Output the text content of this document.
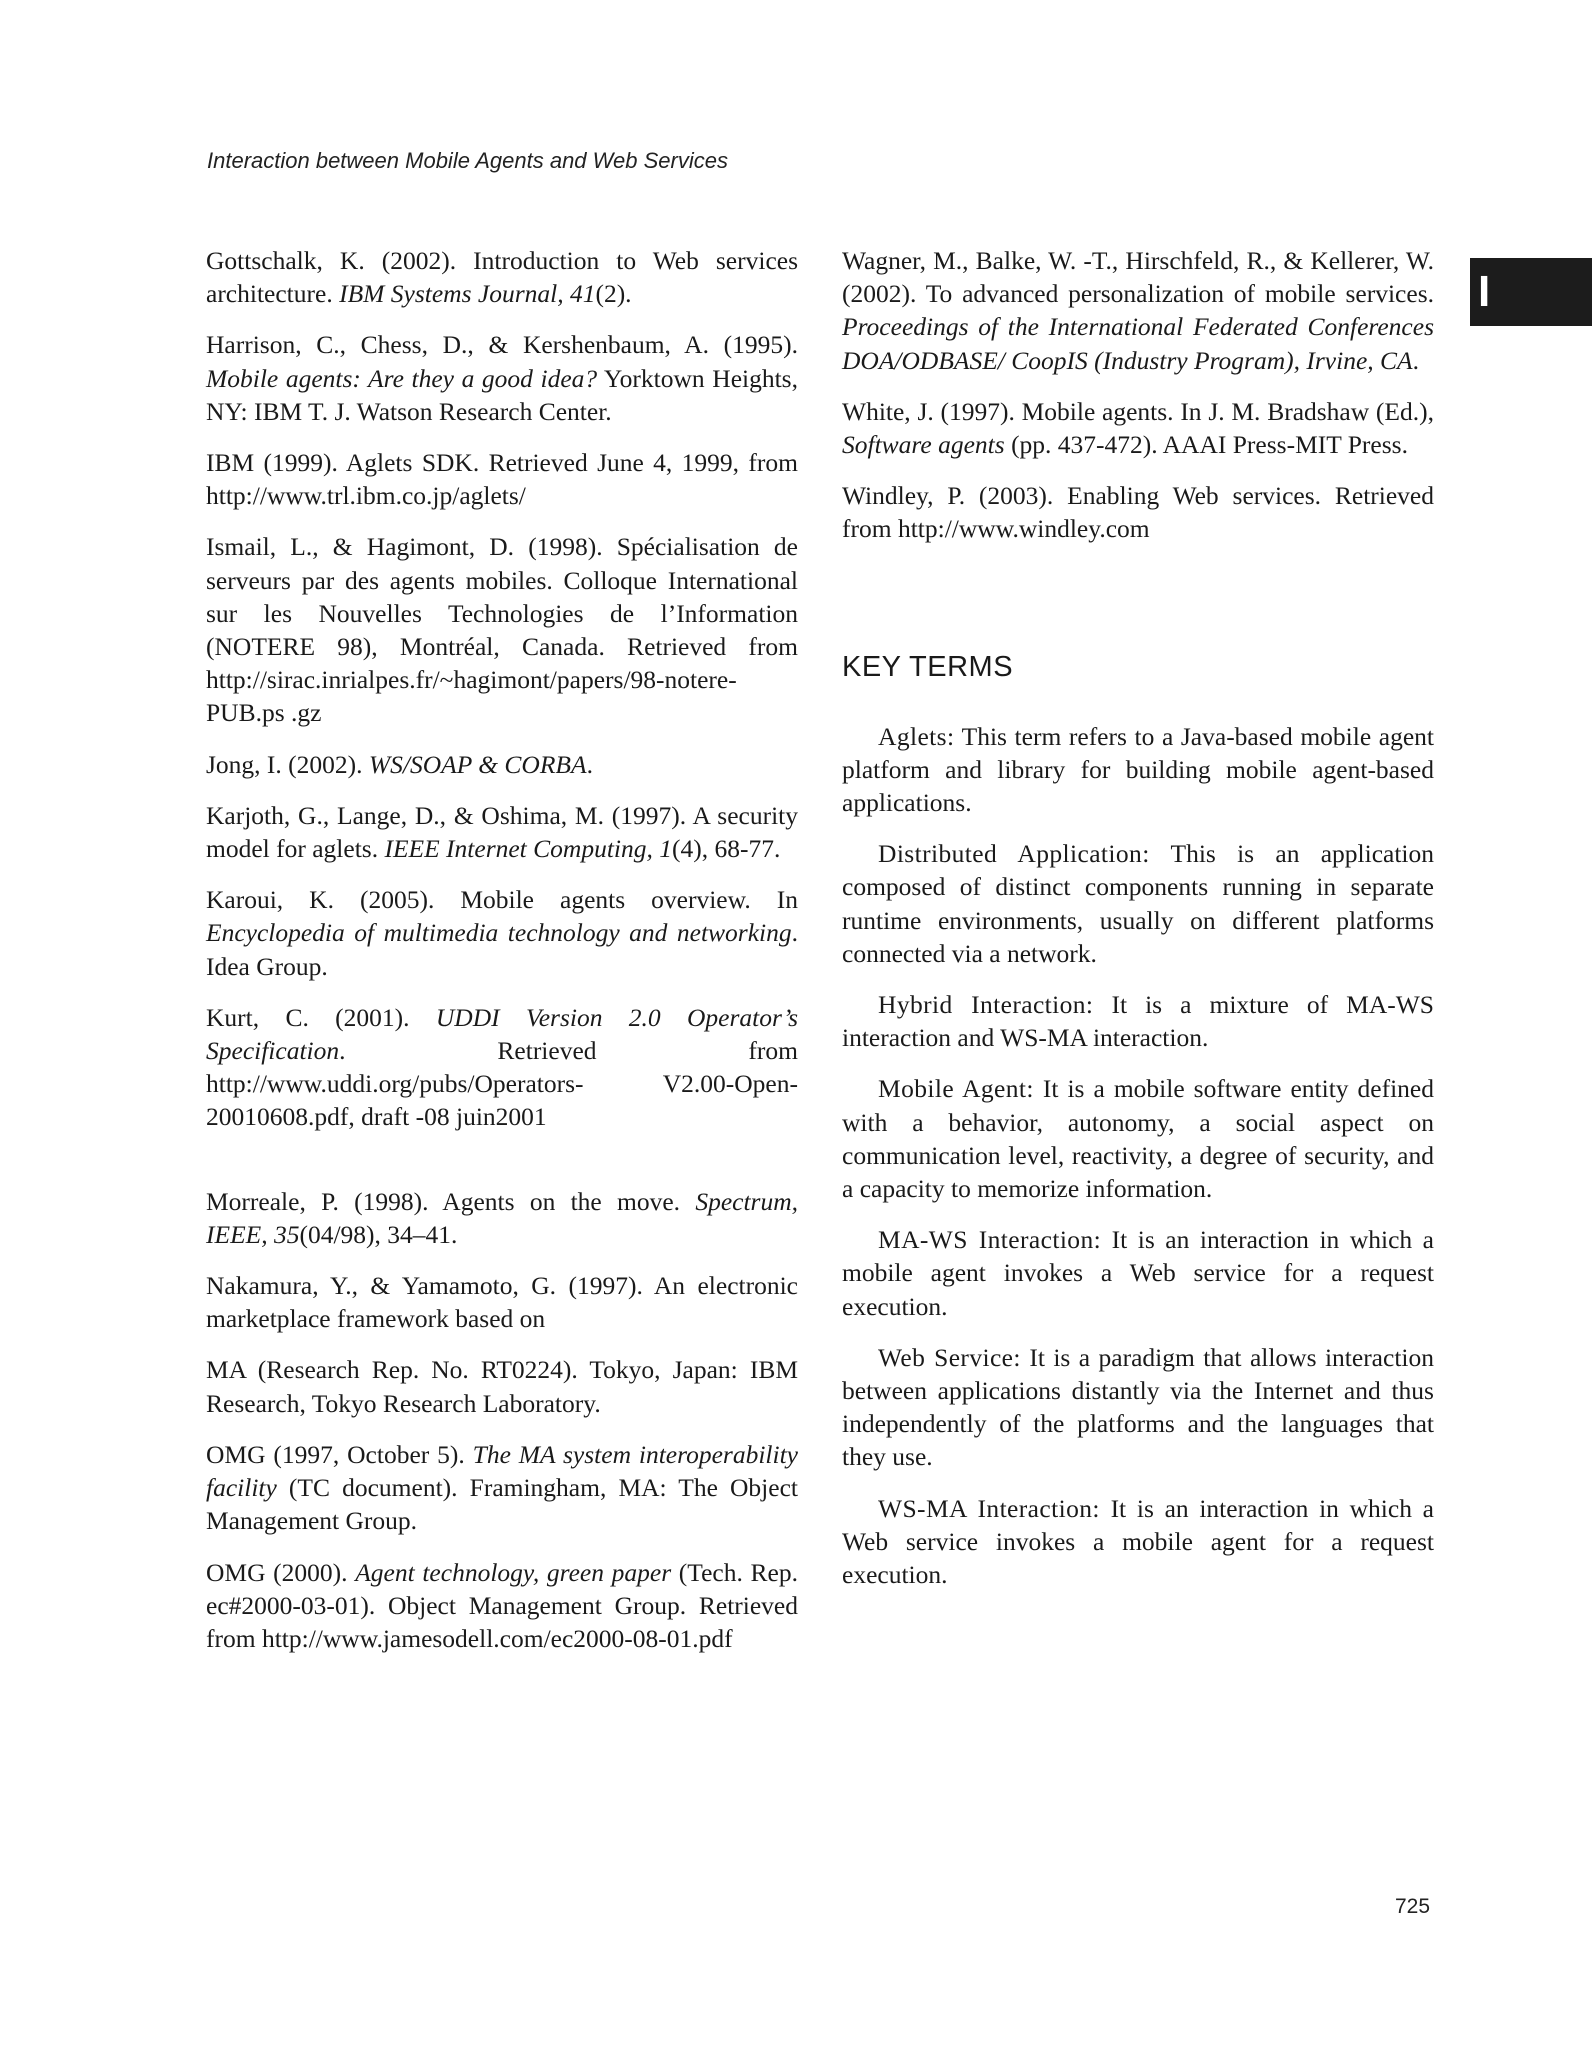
Interaction between Mobile Agents and Web Services
I

Gottschalk, K. (2002). Introduction to Web services architecture. IBM Systems Journal, 41(2).

Harrison, C., Chess, D., & Kershenbaum, A. (1995). Mobile agents: Are they a good idea? Yorktown Heights, NY: IBM T. J. Watson Research Center.

IBM (1999). Aglets SDK. Retrieved June 4, 1999, from http://www.trl.ibm.co.jp/aglets/

Ismail, L., & Hagimont, D. (1998). Spécialisation de serveurs par des agents mobiles. Colloque International sur les Nouvelles Technologies de l’Information (NOTERE 98), Montréal, Canada. Retrieved from http://sirac.inrialpes.fr/~hagimont/papers/98-notere-PUB.ps .gz

Jong, I. (2002). WS/SOAP & CORBA.

Karjoth, G., Lange, D., & Oshima, M. (1997). A security model for aglets. IEEE Internet Computing, 1(4), 68-77.

Karoui, K. (2005). Mobile agents overview. In Encyclopedia of multimedia technology and networking. Idea Group.

Kurt, C. (2001). UDDI Version 2.0 Operator’s Specification. Retrieved from http://www.uddi.org/pubs/Operators- V2.00-Open-20010608.pdf, draft -08 juin2001

Morreale, P. (1998). Agents on the move. Spectrum, IEEE, 35(04/98), 34–41.

Nakamura, Y., & Yamamoto, G. (1997). An electronic marketplace framework based on

MA (Research Rep. No. RT0224). Tokyo, Japan: IBM Research, Tokyo Research Laboratory.

OMG (1997, October 5). The MA system interoperability facility (TC document). Framingham, MA: The Object Management Group.

OMG (2000). Agent technology, green paper (Tech. Rep. ec#2000-03-01). Object Management Group. Retrieved from http://www.jamesodell.com/ec2000-08-01.pdf

Wagner, M., Balke, W. -T., Hirschfeld, R., & Kellerer, W. (2002). To advanced personalization of mobile services. Proceedings of the International Federated Conferences DOA/ODBASE/ CoopIS (Industry Program), Irvine, CA.

White, J. (1997). Mobile agents. In J. M. Bradshaw (Ed.), Software agents (pp. 437-472). AAAI Press-MIT Press.

Windley, P. (2003). Enabling Web services. Retrieved from http://www.windley.com

KEY TERMS

Aglets: This term refers to a Java-based mobile agent platform and library for building mobile agent-based applications.

Distributed Application: This is an application composed of distinct components running in separate runtime environments, usually on different platforms connected via a network.

Hybrid Interaction: It is a mixture of MA-WS interaction and WS-MA interaction.

Mobile Agent: It is a mobile software entity defined with a behavior, autonomy, a social aspect on communication level, reactivity, a degree of security, and a capacity to memorize information.

MA-WS Interaction: It is an interaction in which a mobile agent invokes a Web service for a request execution.

Web Service: It is a paradigm that allows interaction between applications distantly via the Internet and thus independently of the platforms and the languages that they use.

WS-MA Interaction: It is an interaction in which a Web service invokes a mobile agent for a request execution.

725
